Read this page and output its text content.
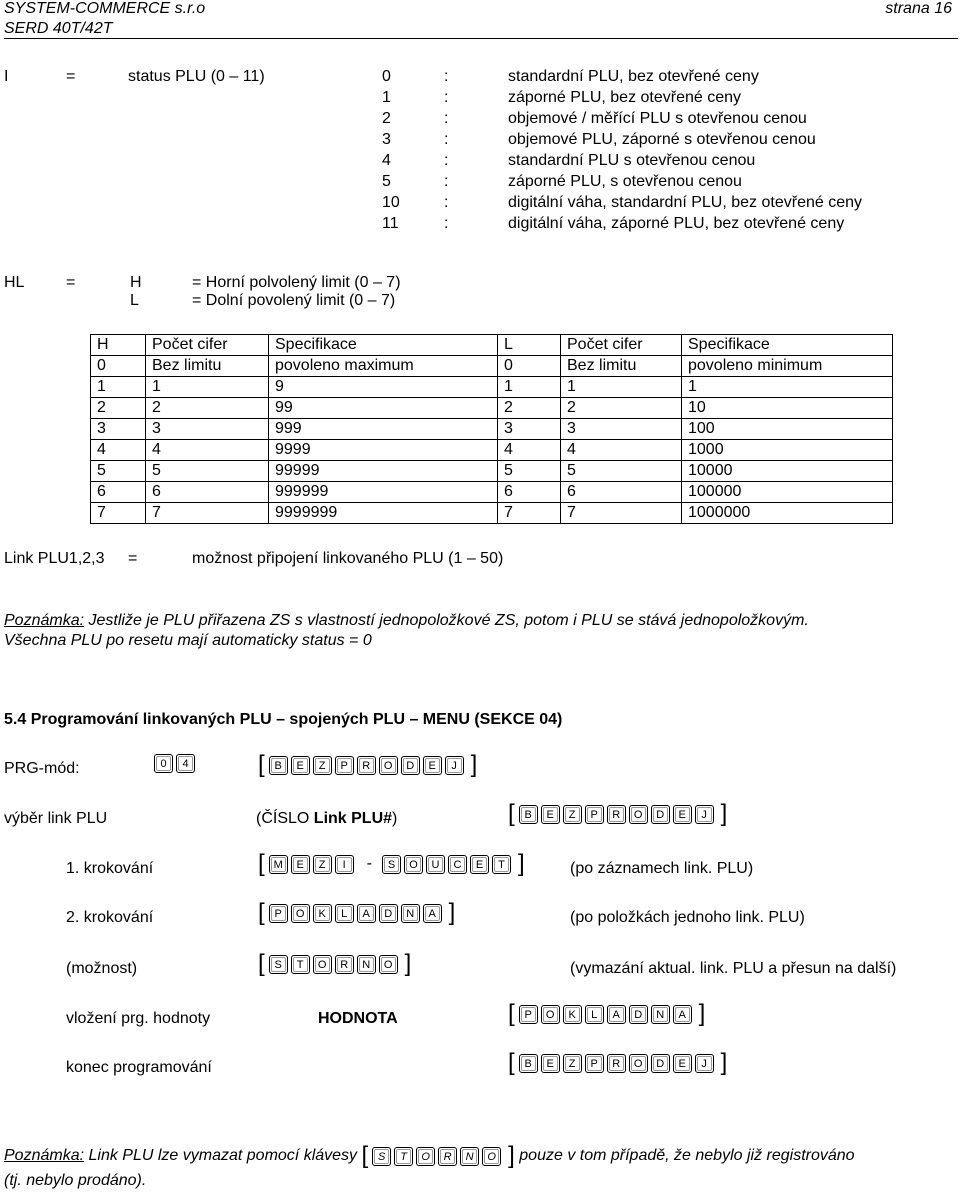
SYSTEM-COMMERCE s.r.o	strana 16
SERD 40T/42T
I	=	status PLU (0 – 11)	0	:	standardní PLU, bez otevřené ceny
1	:	záporné PLU, bez otevřené ceny
2	:	objemové / měřící PLU s otevřenou cenou
3	:	objemové PLU, záporné s otevřenou cenou
4	:	standardní PLU s otevřenou cenou
5	:	záporné PLU, s otevřenou cenou
10	:	digitální váha, standardní PLU, bez otevřené ceny
11	:	digitální váha, záporné PLU, bez otevřené ceny
HL	=	H	= Horní polvolený limit (0 – 7)
L	= Dolní povolený limit (0 – 7)
H	Počet cifer	Specifikace	L	Počet cifer	Specifikace
0	Bez limitu	povoleno maximum	0	Bez limitu	povoleno minimum
1	1	9	1	1	1
2	2	99	2	2	10
3	3	999	3	3	100
4	4	9999	4	4	1000
5	5	99999	5	5	10000
6	6	999999	6	6	100000
7	7	9999999	7	7	1000000
Link PLU1,2,3 =	možnost připojení linkovaného PLU (1 – 50)
Poznámka: Jestliže je PLU přiřazena ZS s vlastností jednopoložkové ZS, potom i PLU se stává jednopoložkovým.
Všechna PLU po resetu mají automaticky status = 0
5.4 Programování linkovaných PLU – spojených PLU – MENU (SEKCE 04)
PRG-mód:	0	4	[ B	E	Z	P	R	O	D	E	J ]
výběr link PLU	(ČÍSLO Link PLU#)	[ B	E	Z	P	R	O	D	E	J ]
1. krokování	[ M	E	Z	I	-	S	O	U	C	E	T ]	(po záznamech link. PLU)
2. krokování	[ P	O	K	L	A	D	N	A ]	(po položkách jednoho link. PLU)
(možnost)	[ S	T	O	R	N	O ]	(vymazání aktual. link. PLU a přesun na další)
vložení prg. hodnoty	HODNOTA	[ P	O	K	L	A	D	N	A ]
konec programování	[ B	E	Z	P	R	O	D	E	J ]
Poznámka: Link PLU lze vymazat pomocí klávesy [ S	T	O	R	N	O ] pouze v tom případě, že nebylo již registrováno
(tj. nebylo prodáno).
